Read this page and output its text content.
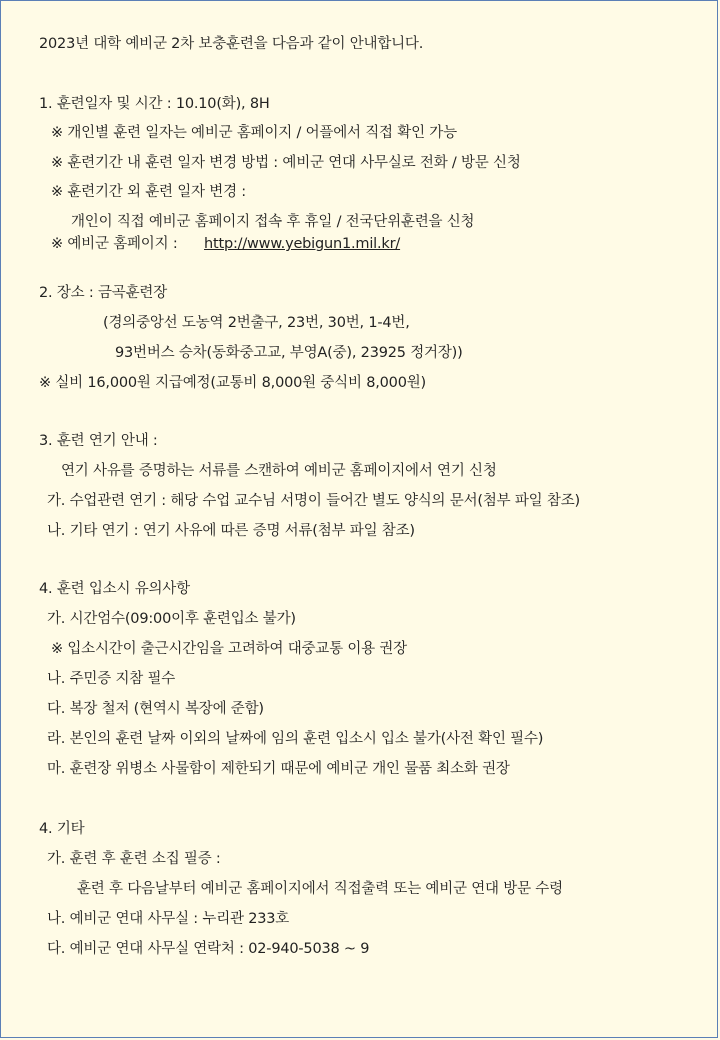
2023년 대학 예비군 2차 보충훈련을 다음과 같이 안내합니다.
1. 훈련일자 및 시간 : 10.10(화), 8H
※ 개인별 훈련 일자는 예비군 홈페이지 / 어플에서 직접 확인 가능
※ 훈련기간 내 훈련 일자 변경 방법 : 예비군 연대 사무실로 전화 / 방문 신청
※ 훈련기간 외 훈련 일자 변경 :
개인이 직접 예비군 홈페이지 접속 후 휴일 / 전국단위훈련을 신청
※ 예비군 홈페이지 : http://www.yebigun1.mil.kr/
2. 장소 : 금곡훈련장
(경의중앙선 도농역 2번출구, 23번, 30번, 1-4번,
93번버스 승차(동화중고교, 부영A(중), 23925 정거장))
※ 실비 16,000원 지급예정(교통비 8,000원 중식비 8,000원)
3. 훈련 연기 안내 :
연기 사유를 증명하는 서류를 스캔하여 예비군 홈페이지에서 연기 신청
가. 수업관련 연기 : 해당 수업 교수님 서명이 들어간 별도 양식의 문서(첨부 파일 참조)
나. 기타 연기 : 연기 사유에 따른 증명 서류(첨부 파일 참조)
4. 훈련 입소시 유의사항
가. 시간엄수(09:00이후 훈련입소 불가)
※ 입소시간이 출근시간임을 고려하여 대중교통 이용 권장
나. 주민증 지참 필수
다. 복장 철저 (현역시 복장에 준함)
라. 본인의 훈련 날짜 이외의 날짜에 임의 훈련 입소시 입소 불가(사전 확인 필수)
마. 훈련장 위병소 사물함이 제한되기 때문에 예비군 개인 물품 최소화 권장
4. 기타
가. 훈련 후 훈련 소집 필증 :
훈련 후 다음날부터 예비군 홈페이지에서 직접출력 또는 예비군 연대 방문 수령
나. 예비군 연대 사무실 : 누리관 233호
다. 예비군 연대 사무실 연락처 : 02-940-5038 ~ 9
